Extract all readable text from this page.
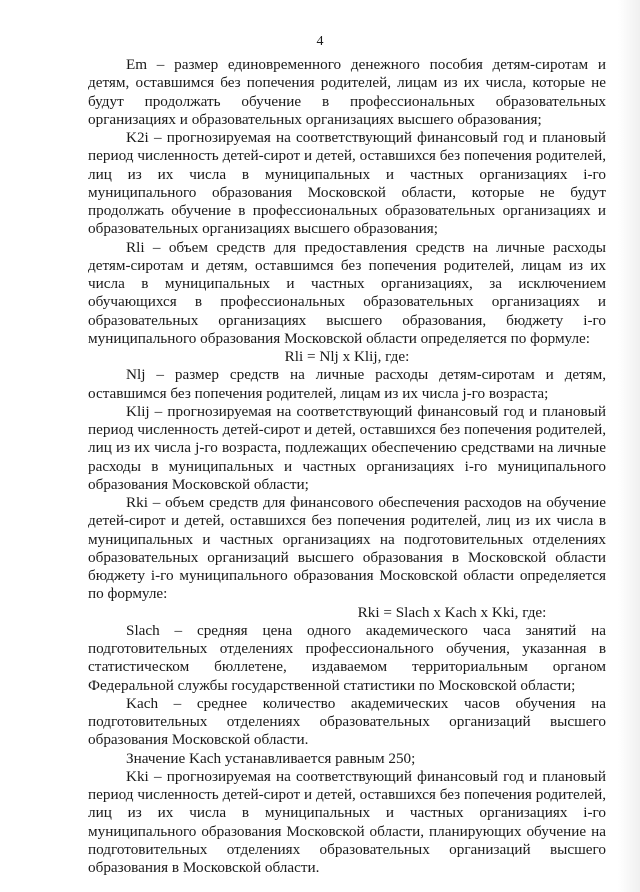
4

Em – размер единовременного денежного пособия детям-сиротам и детям, оставшимся без попечения родителей, лицам из их числа, которые не будут продолжать обучение в профессиональных образовательных организациях и образовательных организациях высшего образования;

K2i – прогнозируемая на соответствующий финансовый год и плановый период численность детей-сирот и детей, оставшихся без попечения родителей, лиц из их числа в муниципальных и частных организациях i-го муниципального образования Московской области, которые не будут продолжать обучение в профессиональных образовательных организациях и образовательных организациях высшего образования;

Rli – объем средств для предоставления средств на личные расходы детям-сиротам и детям, оставшимся без попечения родителей, лицам из их числа в муниципальных и частных организациях, за исключением обучающихся в профессиональных образовательных организациях и образовательных организациях высшего образования, бюджету i-го муниципального образования Московской области определяется по формуле:

Rli = Nlj x Klij, где:

Nlj – размер средств на личные расходы детям-сиротам и детям, оставшимся без попечения родителей, лицам из их числа j-го возраста;

Klij – прогнозируемая на соответствующий финансовый год и плановый период численность детей-сирот и детей, оставшихся без попечения родителей, лиц из их числа j-го возраста, подлежащих обеспечению средствами на личные расходы в муниципальных и частных организациях i-го муниципального образования Московской области;

Rki – объем средств для финансового обеспечения расходов на обучение детей-сирот и детей, оставшихся без попечения родителей, лиц из их числа в муниципальных и частных организациях на подготовительных отделениях образовательных организаций высшего образования в Московской области бюджету i-го муниципального образования Московской области определяется по формуле:

Rki = Slach x Kach x Kki, где:

Slach – средняя цена одного академического часа занятий на подготовительных отделениях профессионального обучения, указанная в статистическом бюллетене, издаваемом территориальным органом Федеральной службы государственной статистики по Московской области;

Kach – среднее количество академических часов обучения на подготовительных отделениях образовательных организаций высшего образования Московской области.

Значение Kach устанавливается равным 250;

Kki – прогнозируемая на соответствующий финансовый год и плановый период численность детей-сирот и детей, оставшихся без попечения родителей, лиц из их числа в муниципальных и частных организациях i-го муниципального образования Московской области, планирующих обучение на подготовительных отделениях образовательных организаций высшего образования в Московской области.
